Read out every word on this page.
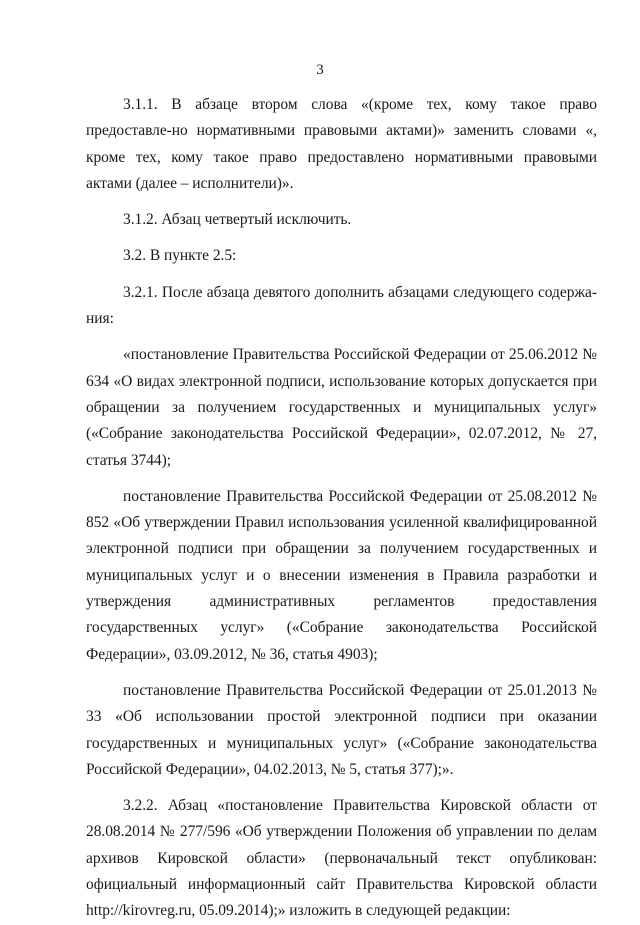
3

3.1.1. В абзаце втором слова «(кроме тех, кому такое право предоставле-но нормативными правовыми актами)» заменить словами «, кроме тех, кому такое право предоставлено нормативными правовыми актами (далее – исполнители)».

3.1.2. Абзац четвертый исключить.

3.2. В пункте 2.5:

3.2.1. После абзаца девятого дополнить абзацами следующего содержа-ния:

«постановление Правительства Российской Федерации от 25.06.2012 № 634 «О видах электронной подписи, использование которых допускается при обращении за получением государственных и муниципальных услуг» («Собрание законодательства Российской Федерации», 02.07.2012, № 27, статья 3744);

постановление Правительства Российской Федерации от 25.08.2012 № 852 «Об утверждении Правил использования усиленной квалифицированной электронной подписи при обращении за получением государственных и муниципальных услуг и о внесении изменения в Правила разработки и утверждения административных регламентов предоставления государственных услуг» («Собрание законодательства Российской Федерации», 03.09.2012, № 36, статья 4903);

постановление Правительства Российской Федерации от 25.01.2013 № 33 «Об использовании простой электронной подписи при оказании государственных и муниципальных услуг» («Собрание законодательства Российской Федерации», 04.02.2013, № 5, статья 377);».

3.2.2. Абзац «постановление Правительства Кировской области от 28.08.2014 № 277/596 «Об утверждении Положения об управлении по делам архивов Кировской области» (первоначальный текст опубликован: официальный информационный сайт Правительства Кировской области http://kirovreg.ru, 05.09.2014);» изложить в следующей редакции:
